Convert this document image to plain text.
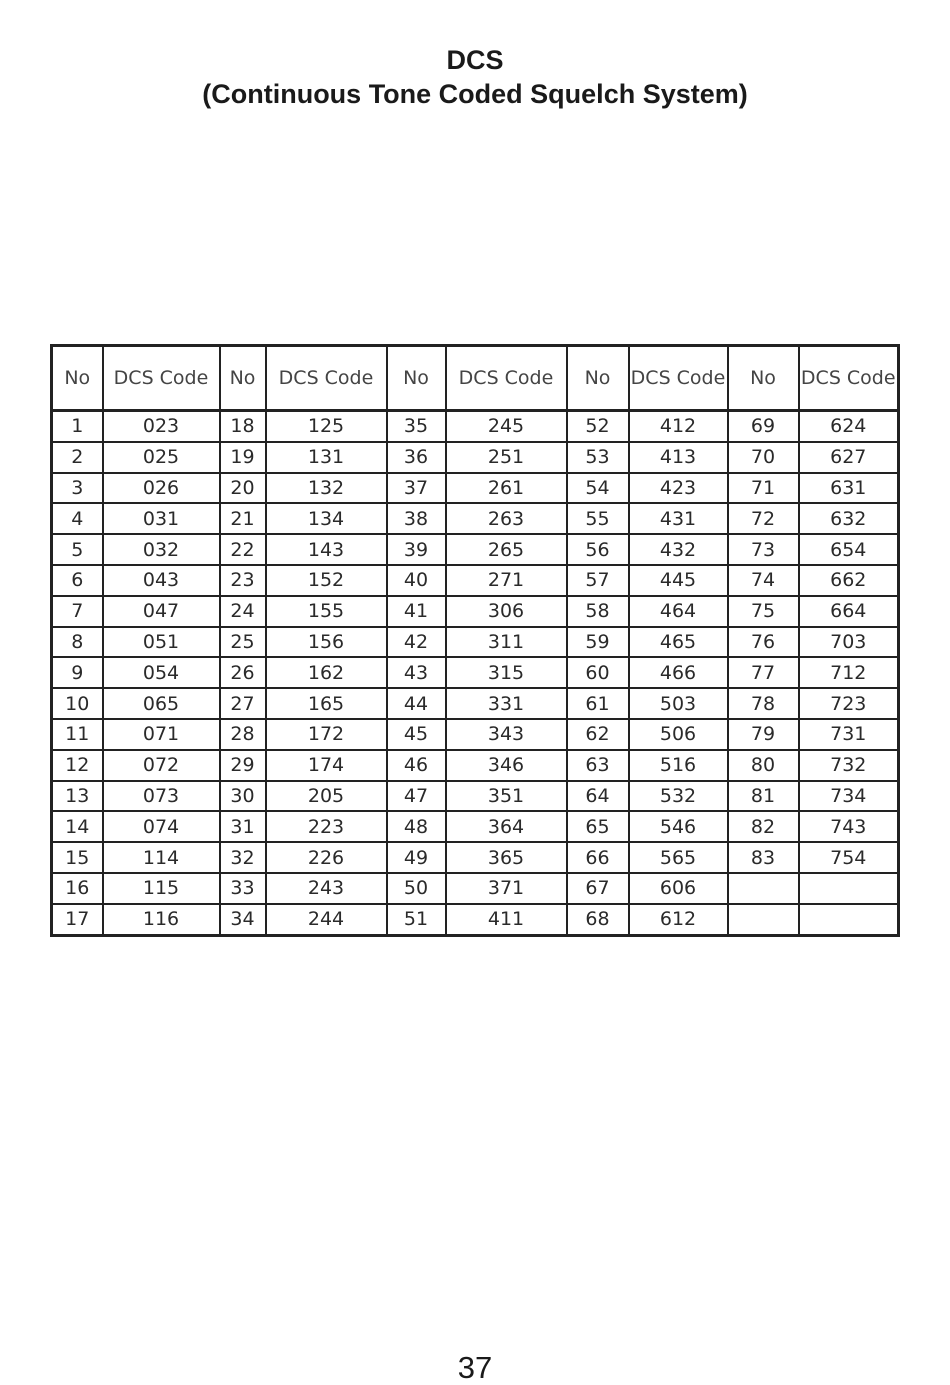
DCS
(Continuous Tone Coded Squelch System)
No	DCS Code	No	DCS Code	No	DCS Code	No	DCS Code	No	DCS Code
1	023	18	125	35	245	52	412	69	624
2	025	19	131	36	251	53	413	70	627
3	026	20	132	37	261	54	423	71	631
4	031	21	134	38	263	55	431	72	632
5	032	22	143	39	265	56	432	73	654
6	043	23	152	40	271	57	445	74	662
7	047	24	155	41	306	58	464	75	664
8	051	25	156	42	311	59	465	76	703
9	054	26	162	43	315	60	466	77	712
10	065	27	165	44	331	61	503	78	723
11	071	28	172	45	343	62	506	79	731
12	072	29	174	46	346	63	516	80	732
13	073	30	205	47	351	64	532	81	734
14	074	31	223	48	364	65	546	82	743
15	114	32	226	49	365	66	565	83	754
16	115	33	243	50	371	67	606		
17	116	34	244	51	411	68	612		
37
